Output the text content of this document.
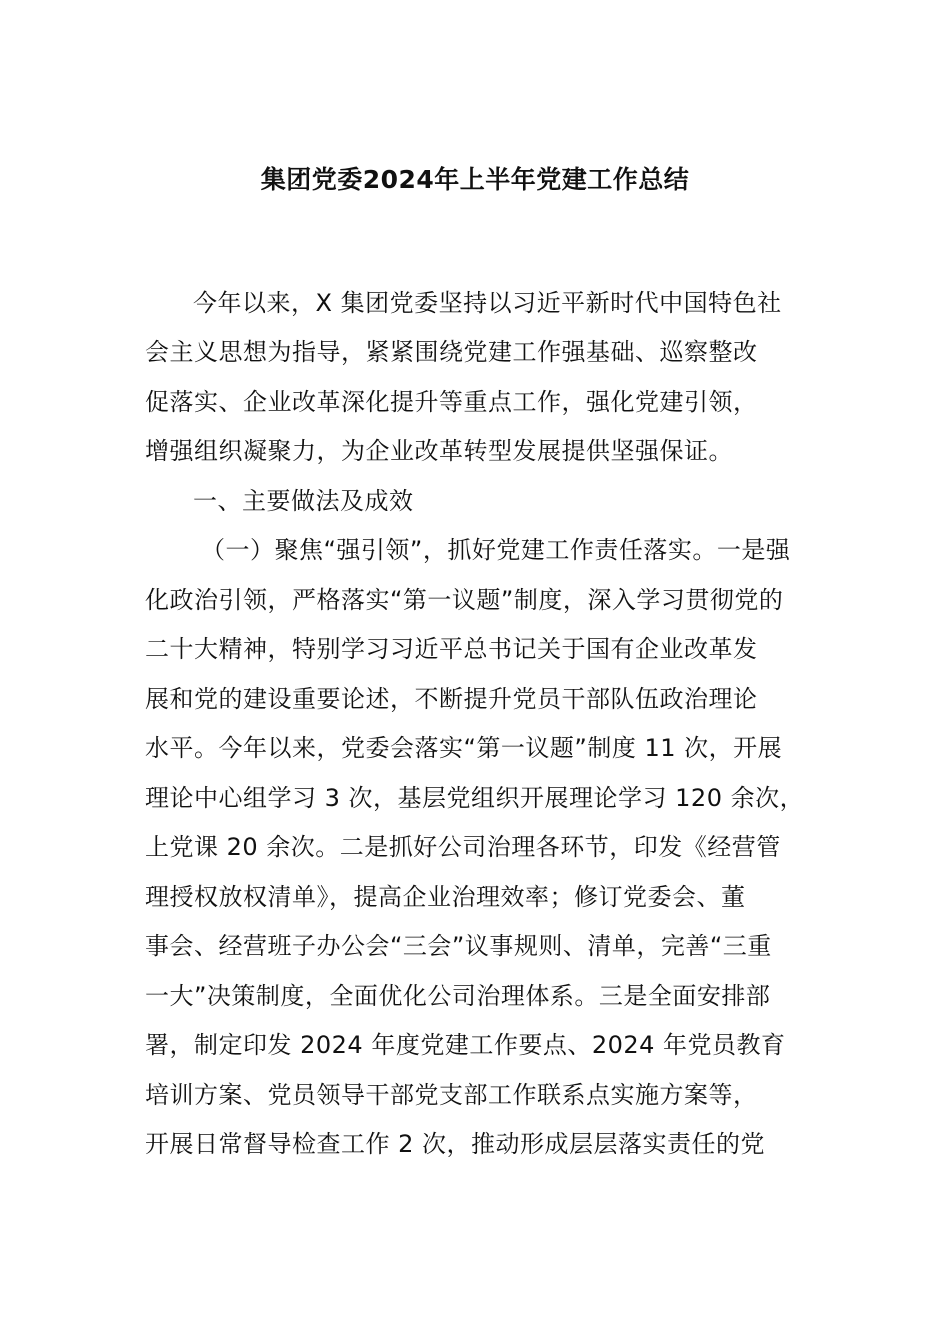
集团党委2024年上半年党建工作总结
今年以来，X 集团党委坚持以习近平新时代中国特色社
会主义思想为指导，紧紧围绕党建工作强基础、巡察整改
促落实、企业改革深化提升等重点工作，强化党建引领，
增强组织凝聚力，为企业改革转型发展提供坚强保证。
一、主要做法及成效
（一）聚焦“强引领”，抓好党建工作责任落实。一是强
化政治引领，严格落实“第一议题”制度，深入学习贯彻党的
二十大精神，特别学习习近平总书记关于国有企业改革发
展和党的建设重要论述，不断提升党员干部队伍政治理论
水平。今年以来，党委会落实“第一议题”制度 11 次，开展
理论中心组学习 3 次，基层党组织开展理论学习 120 余次，
上党课 20 余次。二是抓好公司治理各环节，印发《经营管
理授权放权清单》，提高企业治理效率；修订党委会、董
事会、经营班子办公会“三会”议事规则、清单，完善“三重
一大”决策制度，全面优化公司治理体系。三是全面安排部
署，制定印发 2024 年度党建工作要点、2024 年党员教育
培训方案、党员领导干部党支部工作联系点实施方案等，
开展日常督导检查工作 2 次，推动形成层层落实责任的党
